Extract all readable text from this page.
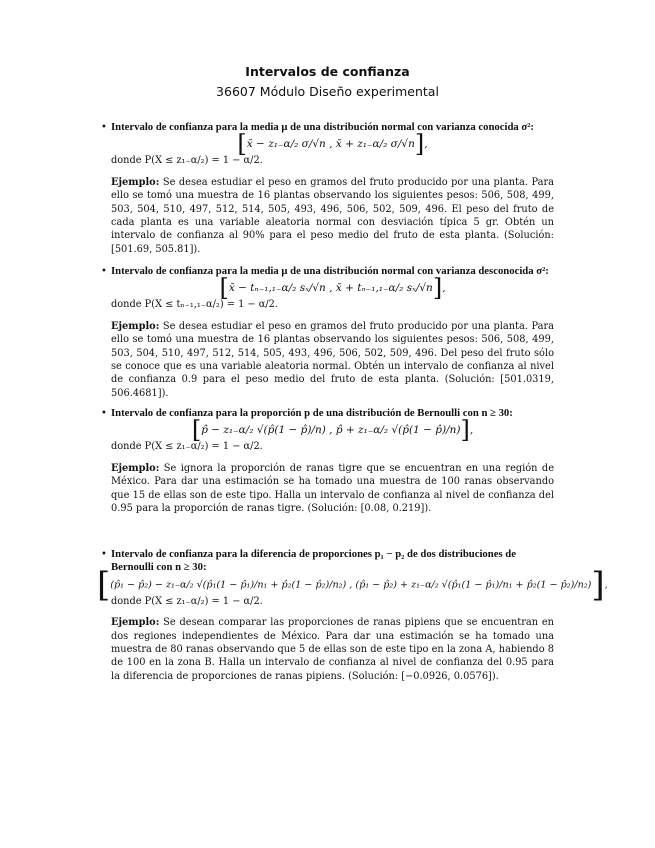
Intervalos de confianza
36607 Módulo Diseño experimental
• Intervalo de confianza para la media μ de una distribución normal con varianza conocida σ²:
[x̄ − z₁₋α/₂ σ/√n , x̄ + z₁₋α/₂ σ/√n],
donde P(X ≤ z₁₋α/₂) = 1 − α/2.
Ejemplo: Se desea estudiar el peso en gramos del fruto producido por una planta. Para ello se tomó una muestra de 16 plantas observando los siguientes pesos: 506, 508, 499, 503, 504, 510, 497, 512, 514, 505, 493, 496, 506, 502, 509, 496. El peso del fruto de cada planta es una variable aleatoria normal con desviación típica 5 gr. Obtén un intervalo de confianza al 90% para el peso medio del fruto de esta planta. (Solución: [501.69, 505.81]).
• Intervalo de confianza para la media μ de una distribución normal con varianza desconocida σ²:
[x̄ − tₙ₋₁,₁₋α/₂ sₓ/√n , x̄ + tₙ₋₁,₁₋α/₂ sₓ/√n],
donde P(X ≤ tₙ₋₁,₁₋α/₂) = 1 − α/2.
Ejemplo: Se desea estudiar el peso en gramos del fruto producido por una planta. Para ello se tomó una muestra de 16 plantas observando los siguientes pesos: 506, 508, 499, 503, 504, 510, 497, 512, 514, 505, 493, 496, 506, 502, 509, 496. Del peso del fruto sólo se conoce que es una variable aleatoria normal. Obtén un intervalo de confianza al nivel de confianza 0.9 para el peso medio del fruto de esta planta. (Solución: [501.0319, 506.4681]).
• Intervalo de confianza para la proporción p de una distribución de Bernoulli con n ≥ 30:
[p̂ − z₁₋α/₂ √(p̂(1 − p̂)/n) , p̂ + z₁₋α/₂ √(p̂(1 − p̂)/n)],
donde P(X ≤ z₁₋α/₂) = 1 − α/2.
Ejemplo: Se ignora la proporción de ranas tigre que se encuentran en una región de México. Para dar una estimación se ha tomado una muestra de 100 ranas observando que 15 de ellas son de este tipo. Halla un intervalo de confianza al nivel de confianza del 0.95 para la proporción de ranas tigre. (Solución: [0.08, 0.219]).
• Intervalo de confianza para la diferencia de proporciones p₁ − p₂ de dos distribuciones de Bernoulli con n ≥ 30:
[(p̂₁ − p̂₂) − z₁₋α/₂ √(p̂₁(1 − p̂₁)/n₁ + p̂₂(1 − p̂₂)/n₂) , (p̂₁ − p̂₂) + z₁₋α/₂ √(p̂₁(1 − p̂₁)/n₁ + p̂₂(1 − p̂₂)/n₂)],
donde P(X ≤ z₁₋α/₂) = 1 − α/2.
Ejemplo: Se desean comparar las proporciones de ranas pipiens que se encuentran en dos regiones independientes de México. Para dar una estimación se ha tomado una muestra de 80 ranas observando que 5 de ellas son de este tipo en la zona A, habiendo 8 de 100 en la zona B. Halla un intervalo de confianza al nivel de confianza del 0.95 para la diferencia de proporciones de ranas pipiens. (Solución: [−0.0926, 0.0576]).
